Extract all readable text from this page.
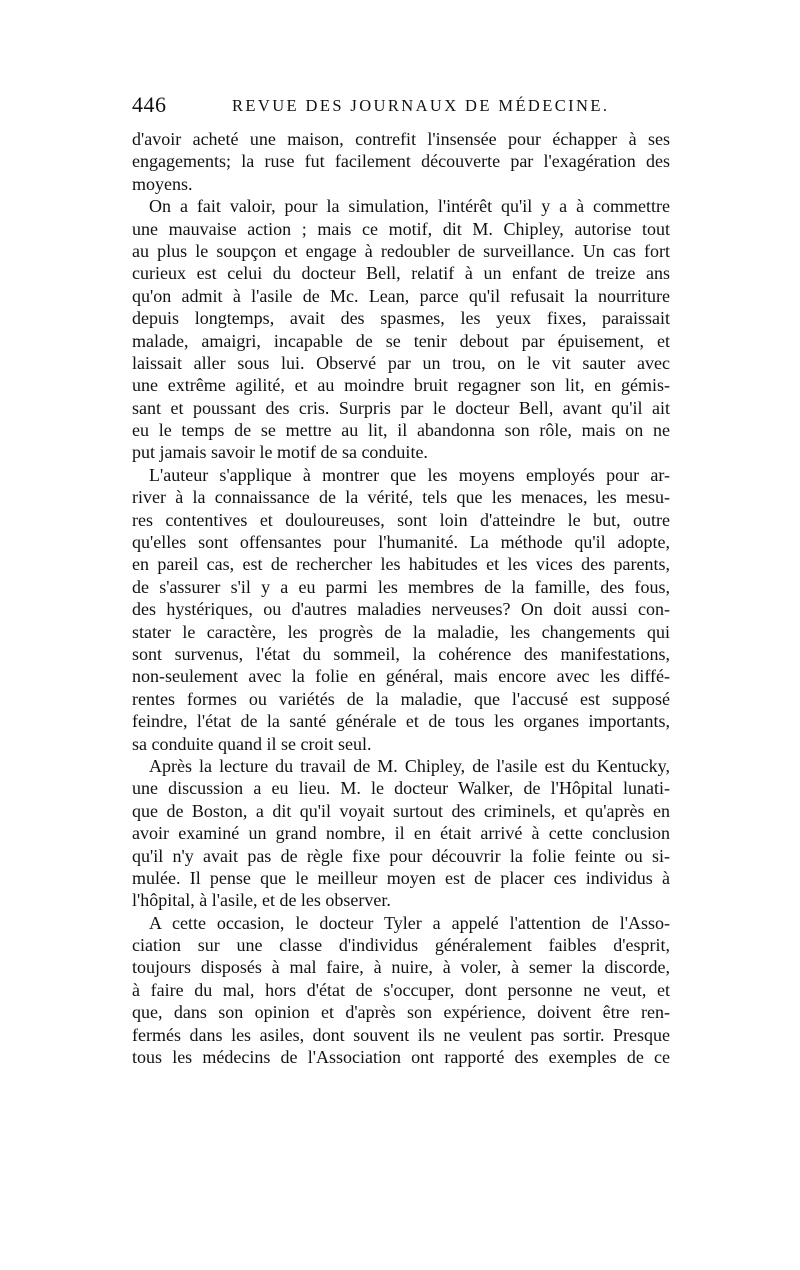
446	REVUE DES JOURNAUX DE MÉDECINE.
d'avoir acheté une maison, contrefit l'insensée pour échapper à ses
engagements; la ruse fut facilement découverte par l'exagération des
moyens.
On a fait valoir, pour la simulation, l'intérêt qu'il y a à commettre
une mauvaise action ; mais ce motif, dit M. Chipley, autorise tout
au plus le soupçon et engage à redoubler de surveillance. Un cas fort
curieux est celui du docteur Bell, relatif à un enfant de treize ans
qu'on admit à l'asile de Mc. Lean, parce qu'il refusait la nourriture
depuis longtemps, avait des spasmes, les yeux fixes, paraissait
malade, amaigri, incapable de se tenir debout par épuisement, et
laissait aller sous lui. Observé par un trou, on le vit sauter avec
une extrême agilité, et au moindre bruit regagner son lit, en gémis-
sant et poussant des cris. Surpris par le docteur Bell, avant qu'il ait
eu le temps de se mettre au lit, il abandonna son rôle, mais on ne
put jamais savoir le motif de sa conduite.
L'auteur s'applique à montrer que les moyens employés pour ar-
river à la connaissance de la vérité, tels que les menaces, les mesu-
res contentives et douloureuses, sont loin d'atteindre le but, outre
qu'elles sont offensantes pour l'humanité. La méthode qu'il adopte,
en pareil cas, est de rechercher les habitudes et les vices des parents,
de s'assurer s'il y a eu parmi les membres de la famille, des fous,
des hystériques, ou d'autres maladies nerveuses? On doit aussi con-
stater le caractère, les progrès de la maladie, les changements qui
sont survenus, l'état du sommeil, la cohérence des manifestations,
non-seulement avec la folie en général, mais encore avec les diffé-
rentes formes ou variétés de la maladie, que l'accusé est supposé
feindre, l'état de la santé générale et de tous les organes importants,
sa conduite quand il se croit seul.
Après la lecture du travail de M. Chipley, de l'asile est du Kentucky,
une discussion a eu lieu. M. le docteur Walker, de l'Hôpital lunati-
que de Boston, a dit qu'il voyait surtout des criminels, et qu'après en
avoir examiné un grand nombre, il en était arrivé à cette conclusion
qu'il n'y avait pas de règle fixe pour découvrir la folie feinte ou si-
mulée. Il pense que le meilleur moyen est de placer ces individus à
l'hôpital, à l'asile, et de les observer.
A cette occasion, le docteur Tyler a appelé l'attention de l'Asso-
ciation sur une classe d'individus généralement faibles d'esprit,
toujours disposés à mal faire, à nuire, à voler, à semer la discorde,
à faire du mal, hors d'état de s'occuper, dont personne ne veut, et
que, dans son opinion et d'après son expérience, doivent être ren-
fermés dans les asiles, dont souvent ils ne veulent pas sortir. Presque
tous les médecins de l'Association ont rapporté des exemples de ce
